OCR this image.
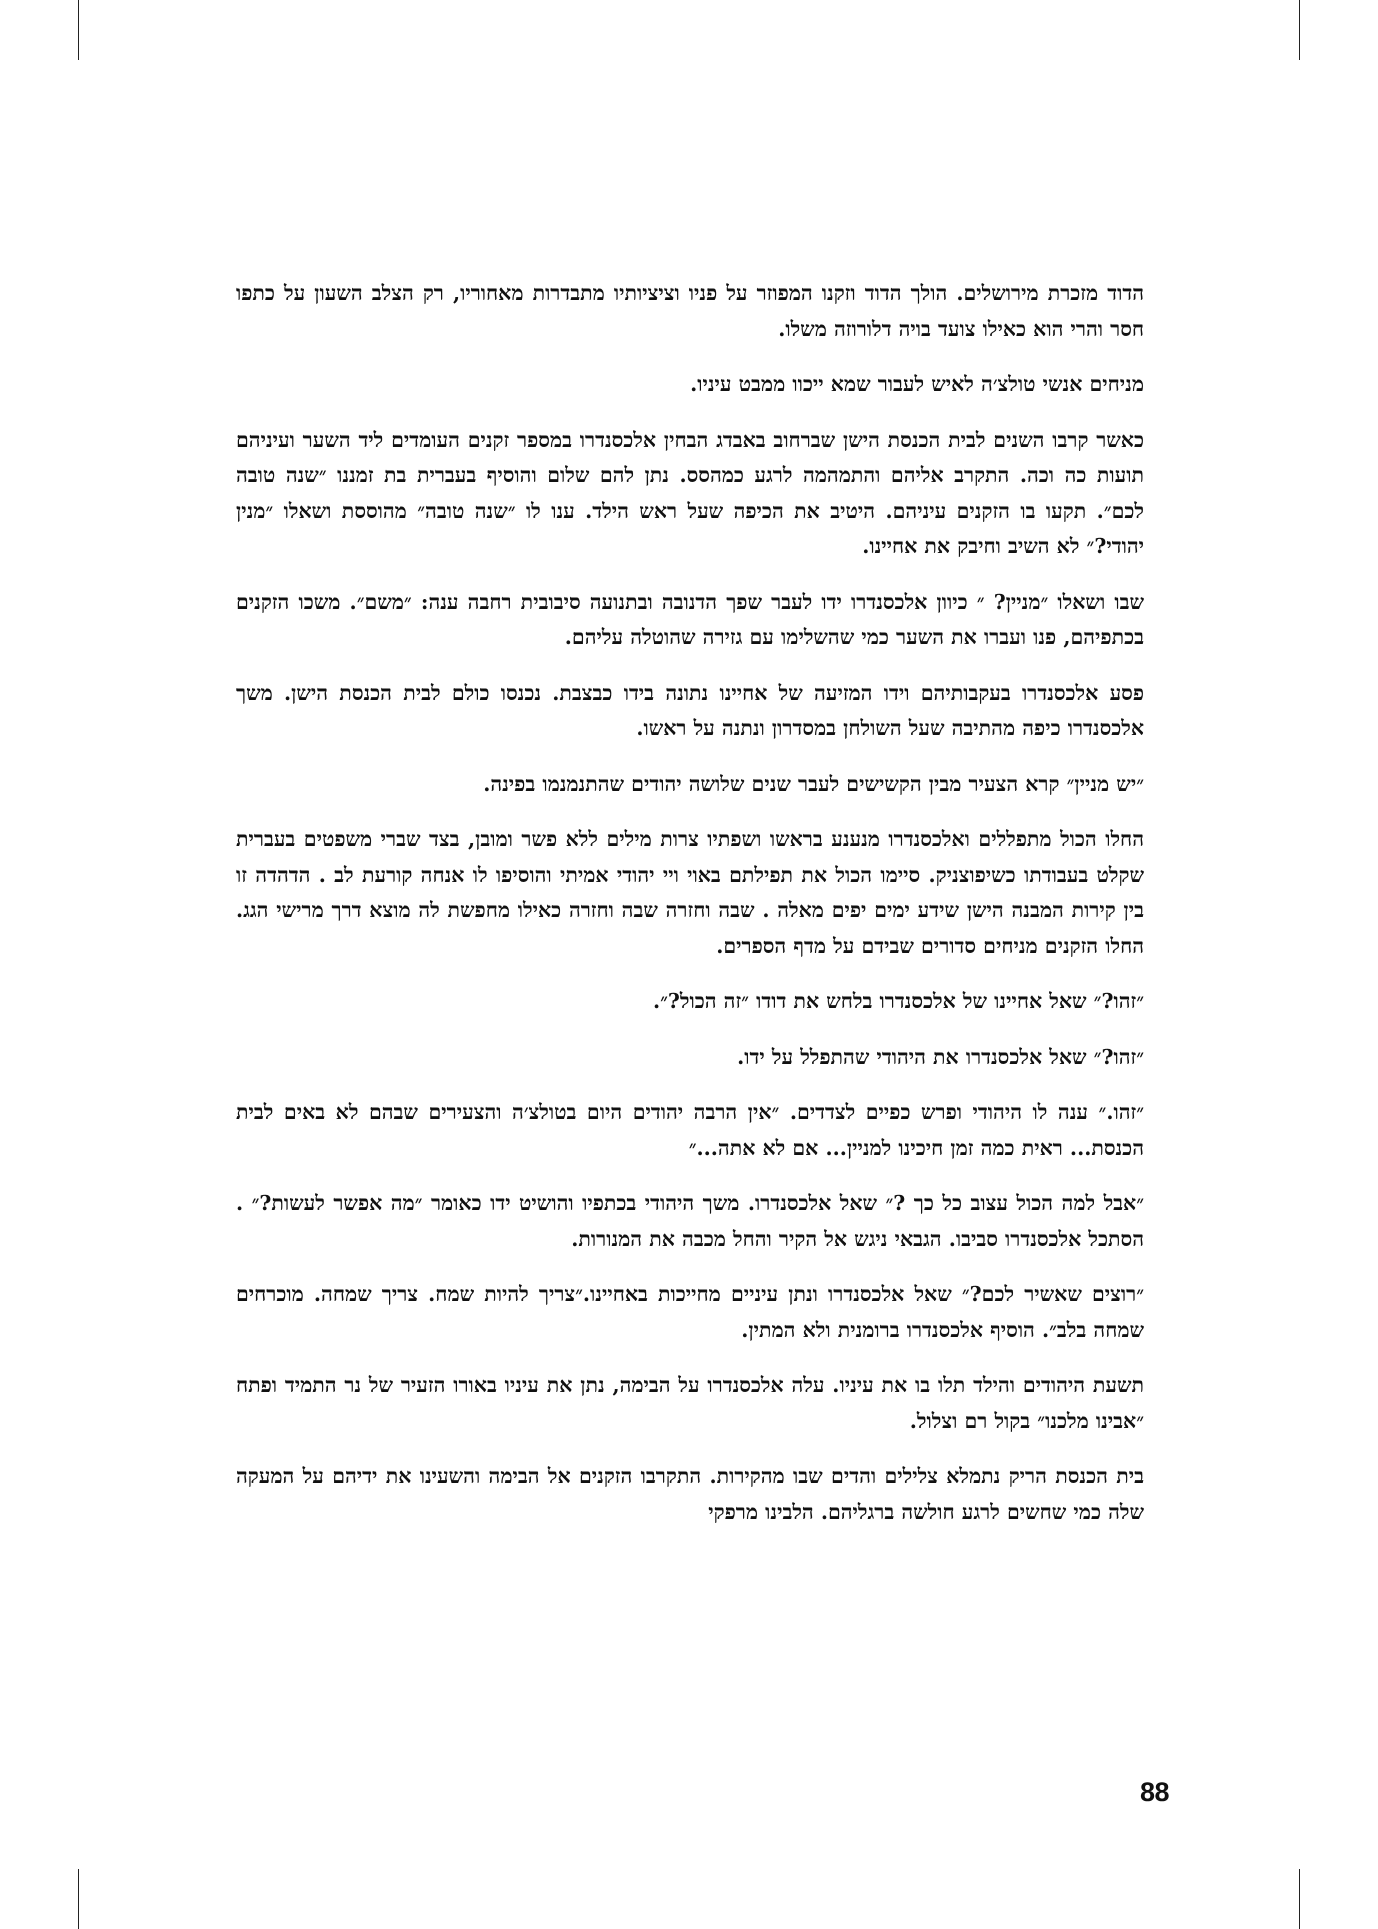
הדוד מזכרת מירושלים. הולך הדוד וזקנו המפוזר על פניו וציציותיו מתבדרות מאחוריו, רק הצלב השעון על כתפו חסר והרי הוא כאילו צועד בויה דלורוזה משלו.

מניחים אנשי טולצ׳ה לאיש לעבור שמא ייכוו ממבט עיניו.

כאשר קרבו השנים לבית הכנסת הישן שברחוב באבדג הבחין אלכסנדרו במספר זקנים העומדים ליד השער ועיניהם תועות כה וכה. התקרב אליהם והתמהמה לרגע כמהסס. נתן להם שלום והוסיף בעברית בת זמננו ״שנה טובה לכם״. תקעו בו הזקנים עיניהם. היטיב את הכיפה שעל ראש הילד. ענו לו ״שנה טובה״ מהוססת ושאלו ״מנין יהודי?״ לא השיב וחיבק את אחיינו.

שבו ושאלו ״מניין? ״ כיוון אלכסנדרו ידו לעבר שפך הדנובה ובתנועה סיבובית רחבה ענה: ״משם״. משכו הזקנים בכתפיהם, פנו ועברו את השער כמי שהשלימו עם גזירה שהוטלה עליהם.

פסע אלכסנדרו בעקבותיהם וידו המזיעה של אחיינו נתונה בידו כבצבת. נכנסו כולם לבית הכנסת הישן. משך אלכסנדרו כיפה מהתיבה שעל השולחן במסדרון ונתנה על ראשו.

״יש מניין״ קרא הצעיר מבין הקשישים לעבר שנים שלושה יהודים שהתנמנמו בפינה.

החלו הכול מתפללים ואלכסנדרו מנענע בראשו ושפתיו צרות מילים ללא פשר ומובן, בצד שברי משפטים בעברית שקלט בעבודתו כשיפוצניק. סיימו הכול את תפילתם באוי ויי יהודי אמיתי והוסיפו לו אנחה קורעת לב . הדהדה זו בין קירות המבנה הישן שידע ימים יפים מאלה . שבה וחזרה שבה וחזרה כאילו מחפשת לה מוצא דרך מרישי הגג. החלו הזקנים מניחים סדורים שבידם על מדף הספרים.

״זהו?״ שאל אחיינו של אלכסנדרו בלחש את דודו ״זה הכול?״.

״זהו?״ שאל אלכסנדרו את היהודי שהתפלל על ידו.

״זהו.״ ענה לו היהודי ופרש כפיים לצדדים. ״אין הרבה יהודים היום בטולצ׳ה והצעירים שבהם לא באים לבית הכנסת... ראית כמה זמן חיכינו למניין... אם לא אתה...״

״אבל למה הכול עצוב כל כך ?״ שאל אלכסנדרו. משך היהודי בכתפיו והושיט ידו כאומר ״מה אפשר לעשות?״ . הסתכל אלכסנדרו סביבו. הגבאי ניגש אל הקיר והחל מכבה את המנורות.

״רוצים שאשיר לכם?״ שאל אלכסנדרו ונתן עיניים מחייכות באחיינו.״צריך להיות שמח. צריך שמחה. מוכרחים שמחה בלב״. הוסיף אלכסנדרו ברומנית ולא המתין.

תשעת היהודים והילד תלו בו את עיניו. עלה אלכסנדרו על הבימה, נתן את עיניו באורו הזעיר של נר התמיד ופתח ״אבינו מלכנו״ בקול רם וצלול.

בית הכנסת הריק נתמלא צלילים והדים שבו מהקירות. התקרבו הזקנים אל הבימה והשעינו את ידיהם על המעקה שלה כמי שחשים לרגע חולשה ברגליהם. הלבינו מרפקי

88
